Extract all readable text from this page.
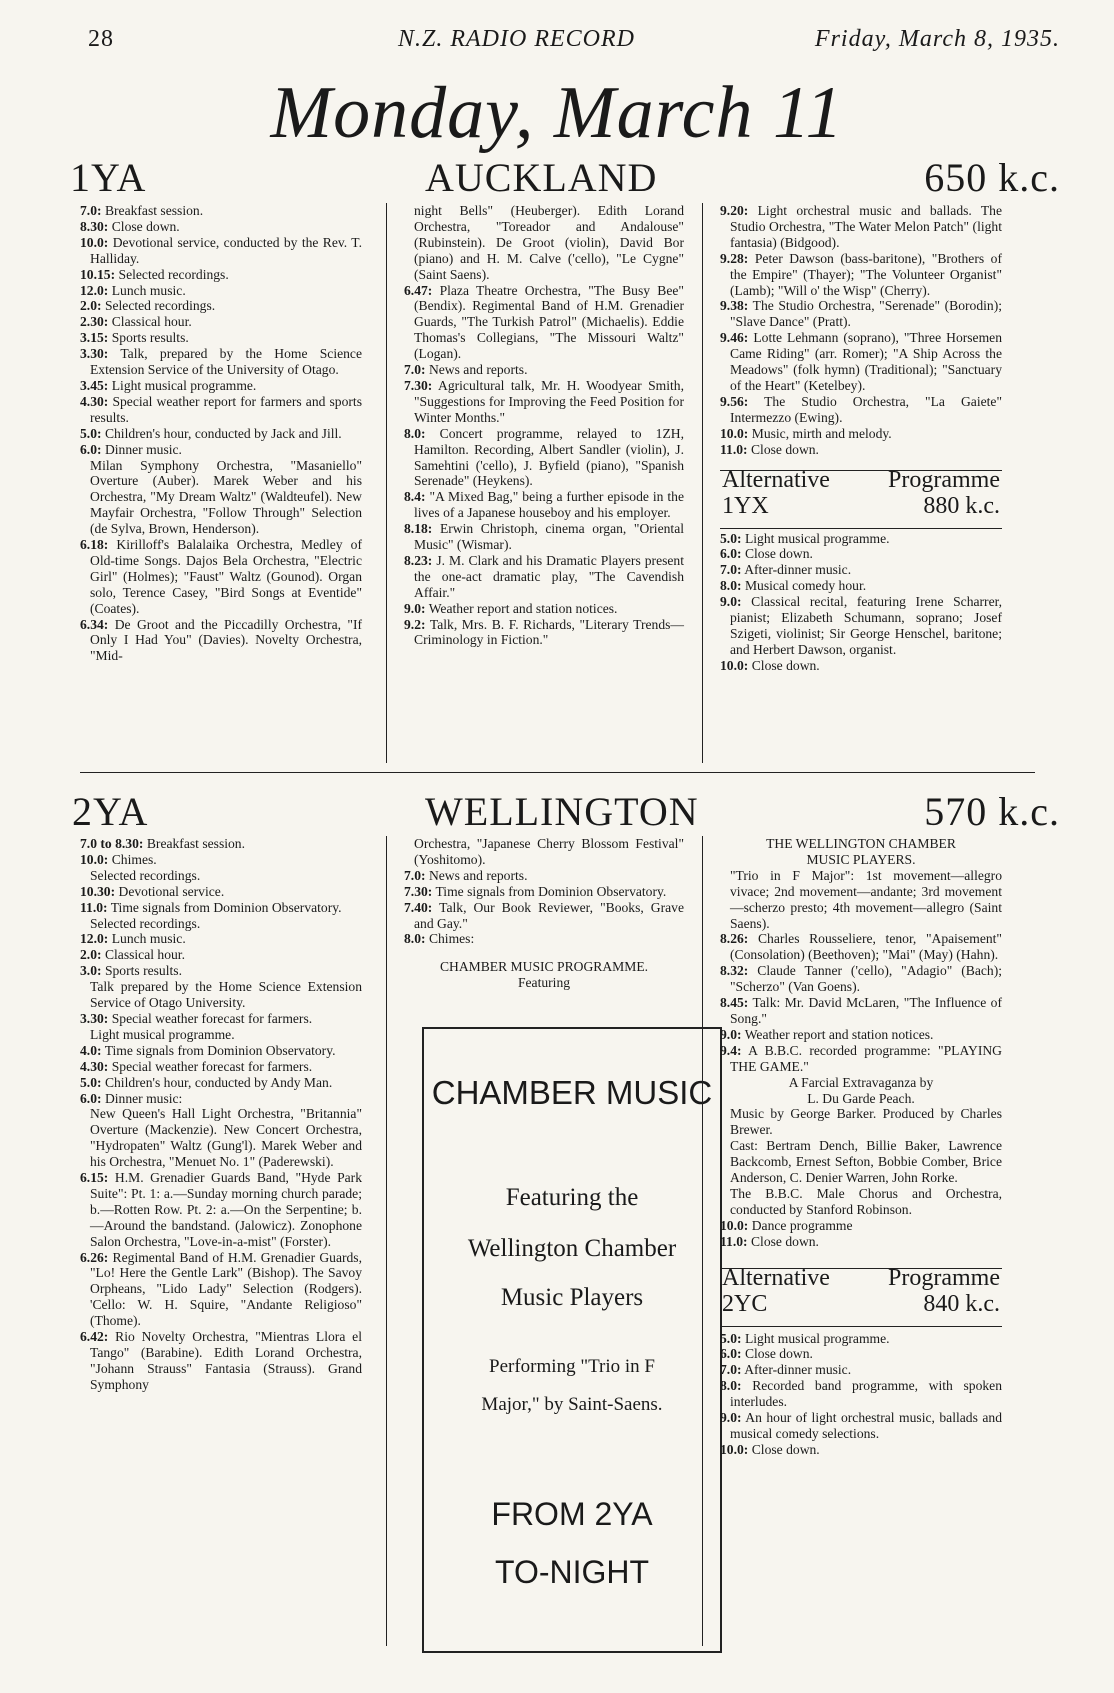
28	N.Z. RADIO RECORD	Friday, March 8, 1935.
Monday, March 11
1YA	AUCKLAND	650 k.c.

7.0: Breakfast session.

8.30: Close down.

10.0: Devotional service, conducted by the Rev. T. Halliday.

10.15: Selected recordings.

12.0: Lunch music.

2.0: Selected recordings.

2.30: Classical hour.

3.15: Sports results.

3.30: Talk, prepared by the Home Science Extension Service of the University of Otago.

3.45: Light musical programme.

4.30: Special weather report for farmers and sports results.

5.0: Children's hour, conducted by Jack and Jill.

6.0: Dinner music.

Milan Symphony Orchestra, "Masaniello" Overture (Auber). Marek Weber and his Orchestra, "My Dream Waltz" (Waldteufel). New Mayfair Orchestra, "Follow Through" Selection (de Sylva, Brown, Henderson).

6.18: Kirilloff's Balalaika Orchestra, Medley of Old-time Songs. Dajos Bela Orchestra, "Electric Girl" (Holmes); "Faust" Waltz (Gounod). Organ solo, Terence Casey, "Bird Songs at Eventide" (Coates).

6.34: De Groot and the Piccadilly Orchestra, "If Only I Had You" (Davies). Novelty Orchestra, "Mid-

night Bells" (Heuberger). Edith Lorand Orchestra, "Toreador and Andalouse" (Rubinstein). De Groot (violin), David Bor (piano) and H. M. Calve ('cello), "Le Cygne" (Saint Saens).

6.47: Plaza Theatre Orchestra, "The Busy Bee" (Bendix). Regimental Band of H.M. Grenadier Guards, "The Turkish Patrol" (Michaelis). Eddie Thomas's Collegians, "The Missouri Waltz" (Logan).

7.0: News and reports.

7.30: Agricultural talk, Mr. H. Woodyear Smith, "Suggestions for Improving the Feed Position for Winter Months."

8.0: Concert programme, relayed to 1ZH, Hamilton. Recording, Albert Sandler (violin), J. Samehtini ('cello), J. Byfield (piano), "Spanish Serenade" (Heykens).

8.4: "A Mixed Bag," being a further episode in the lives of a Japanese houseboy and his employer.

8.18: Erwin Christoph, cinema organ, "Oriental Music" (Wismar).

8.23: J. M. Clark and his Dramatic Players present the one-act dramatic play, "The Cavendish Affair."

9.0: Weather report and station notices.

9.2: Talk, Mrs. B. F. Richards, "Literary Trends—Criminology in Fiction."

9.20: Light orchestral music and ballads. The Studio Orchestra, "The Water Melon Patch" (light fantasia) (Bidgood).

9.28: Peter Dawson (bass-baritone), "Brothers of the Empire" (Thayer); "The Volunteer Organist" (Lamb); "Will o' the Wisp" (Cherry).

9.38: The Studio Orchestra, "Serenade" (Borodin); "Slave Dance" (Pratt).

9.46: Lotte Lehmann (soprano), "Three Horsemen Came Riding" (arr. Romer); "A Ship Across the Meadows" (folk hymn) (Traditional); "Sanctuary of the Heart" (Ketelbey).

9.56: The Studio Orchestra, "La Gaiete" Intermezzo (Ewing).

10.0: Music, mirth and melody.

11.0: Close down.

Alternative Programme
1YX	880 k.c.

5.0: Light musical programme.

6.0: Close down.

7.0: After-dinner music.

8.0: Musical comedy hour.

9.0: Classical recital, featuring Irene Scharrer, pianist; Elizabeth Schumann, soprano; Josef Szigeti, violinist; Sir George Henschel, baritone; and Herbert Dawson, organist.

10.0: Close down.

2YA	WELLINGTON	570 k.c.

7.0 to 8.30: Breakfast session.

10.0: Chimes.

Selected recordings.

10.30: Devotional service.

11.0: Time signals from Dominion Observatory.

Selected recordings.

12.0: Lunch music.

2.0: Classical hour.

3.0: Sports results.

Talk prepared by the Home Science Extension Service of Otago University.

3.30: Special weather forecast for farmers.

Light musical programme.

4.0: Time signals from Dominion Observatory.

4.30: Special weather forecast for farmers.

5.0: Children's hour, conducted by Andy Man.

6.0: Dinner music:

New Queen's Hall Light Orchestra, "Britannia" Overture (Mackenzie). New Concert Orchestra, "Hydropaten" Waltz (Gung'l). Marek Weber and his Orchestra, "Menuet No. 1" (Paderewski).

6.15: H.M. Grenadier Guards Band, "Hyde Park Suite": Pt. 1: a.—Sunday morning church parade; b.—Rotten Row. Pt. 2: a.—On the Serpentine; b.—Around the bandstand. (Jalowicz). Zonophone Salon Orchestra, "Love-in-a-mist" (Forster).

6.26: Regimental Band of H.M. Grenadier Guards, "Lo! Here the Gentle Lark" (Bishop). The Savoy Orpheans, "Lido Lady" Selection (Rodgers). 'Cello: W. H. Squire, "Andante Religioso" (Thome).

6.42: Rio Novelty Orchestra, "Mientras Llora el Tango" (Barabine). Edith Lorand Orchestra, "Johann Strauss" Fantasia (Strauss). Grand Symphony

Orchestra, "Japanese Cherry Blossom Festival" (Yoshitomo).

7.0: News and reports.

7.30: Time signals from Dominion Observatory.

7.40: Talk, Our Book Reviewer, "Books, Grave and Gay."

8.0: Chimes:

CHAMBER MUSIC PROGRAMME.

Featuring

CHAMBER MUSIC
Featuring the
Wellington Chamber
Music Players
Performing "Trio in F
Major," by Saint-Saens.
FROM 2YA
TO-NIGHT

THE WELLINGTON CHAMBER

MUSIC PLAYERS.

"Trio in F Major": 1st movement—allegro vivace; 2nd movement—andante; 3rd movement—scherzo presto; 4th movement—allegro (Saint Saens).

8.26: Charles Rousseliere, tenor, "Apaisement" (Consolation) (Beethoven); "Mai" (May) (Hahn).

8.32: Claude Tanner ('cello), "Adagio" (Bach); "Scherzo" (Van Goens).

8.45: Talk: Mr. David McLaren, "The Influence of Song."

9.0: Weather report and station notices.

9.4: A B.B.C. recorded programme: "PLAYING THE GAME."

A Farcial Extravaganza by

L. Du Garde Peach.

Music by George Barker. Produced by Charles Brewer.

Cast: Bertram Dench, Billie Baker, Lawrence Backcomb, Ernest Sefton, Bobbie Comber, Brice Anderson, C. Denier Warren, John Rorke.

The B.B.C. Male Chorus and Orchestra, conducted by Stanford Robinson.

10.0: Dance programme

11.0: Close down.

Alternative Programme
2YC	840 k.c.

5.0: Light musical programme.

6.0: Close down.

7.0: After-dinner music.

8.0: Recorded band programme, with spoken interludes.

9.0: An hour of light orchestral music, ballads and musical comedy selections.

10.0: Close down.
